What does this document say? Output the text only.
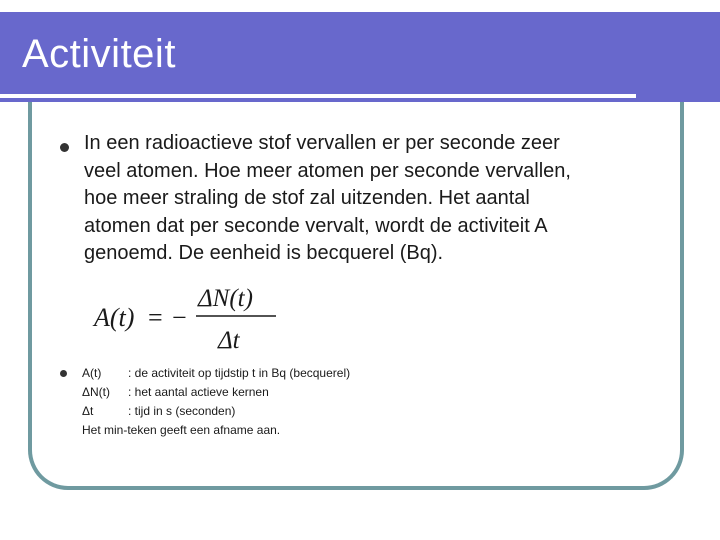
Activiteit
In een radioactieve stof vervallen er per seconde zeer
veel atomen. Hoe meer atomen per seconde vervallen,
hoe meer straling de stof zal uitzenden. Het aantal
atomen dat per seconde vervalt, wordt de activiteit A
genoemd. De eenheid is becquerel (Bq).
A(t) = −
ΔN(t)
Δt
A(t)	: de activiteit op tijdstip t in Bq (becquerel)
ΔN(t)	: het aantal actieve kernen
Δt	: tijd in s (seconden)
Het min-teken geeft een afname aan.
